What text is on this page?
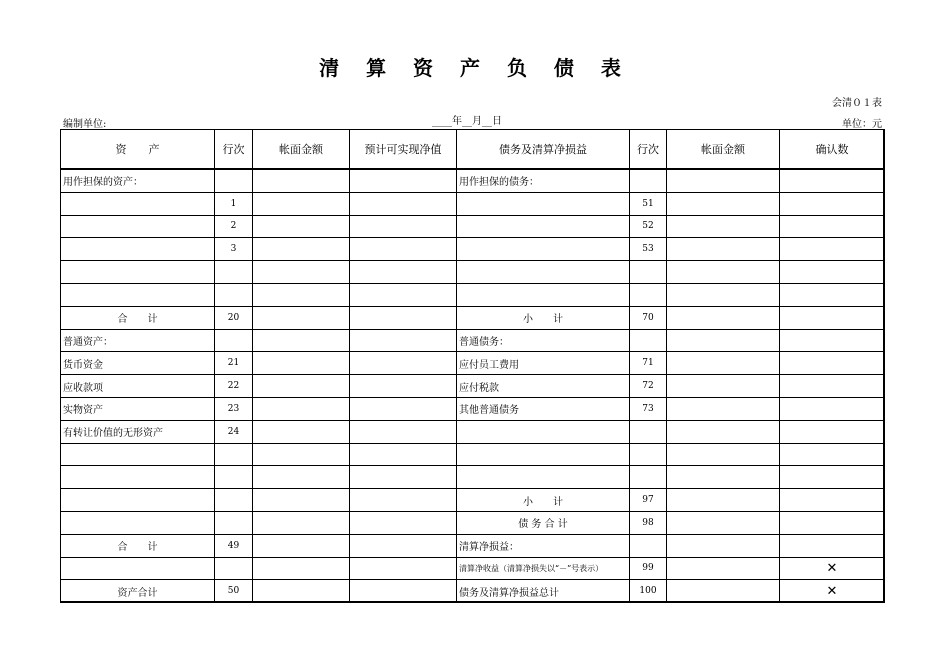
清 算 资 产 负 债 表
会清０１表
编制单位:	____年__月__日	单位：元
资　　产	行次	帐面金额	预计可实现净值	债务及清算净损益	行次	帐面金额	确认数
用作担保的资产：				用作担保的债务：			
	1				51		
	2				52		
	3				53		

合　　计	20			小　　计	70		
普通资产：				普通债务：			
货币资金	21			应付员工费用	71		
应收款项	22			应付税款	72		
实物资产	23			其他普通债务	73		
有转让价值的无形资产	24						

				小　　计	97		
				债 务 合 计	98		
合　　计	49			清算净损益：			
				清算净收益（清算净损失以“－”号表示）	99		✕
资产合计	50			债务及清算净损益总计	100		✕
